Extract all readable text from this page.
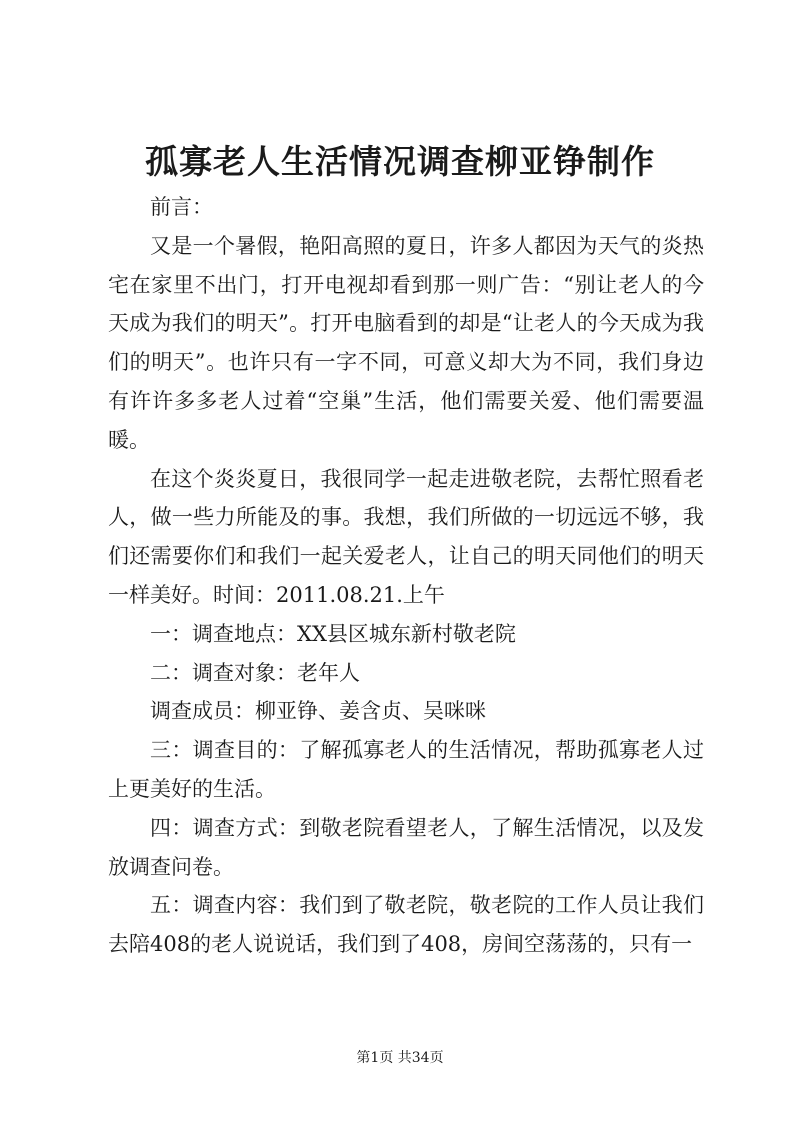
孤寡老人生活情况调查柳亚铮制作

前言：

又是一个暑假，艳阳高照的夏日，许多人都因为天气的炎热宅在家里不出门，打开电视却看到那一则广告：“别让老人的今天成为我们的明天”。打开电脑看到的却是“让老人的今天成为我们的明天”。也许只有一字不同，可意义却大为不同，我们身边有许许多多老人过着“空巢”生活，他们需要关爱、他们需要温暖。

在这个炎炎夏日，我很同学一起走进敬老院，去帮忙照看老人，做一些力所能及的事。我想，我们所做的一切远远不够，我们还需要你们和我们一起关爱老人，让自己的明天同他们的明天一样美好。时间：2011.08.21.上午

一：调查地点：XX县区城东新村敬老院

二：调查对象：老年人

调查成员：柳亚铮、姜含贞、吴咪咪

三：调查目的：了解孤寡老人的生活情况，帮助孤寡老人过上更美好的生活。

四：调查方式：到敬老院看望老人，了解生活情况，以及发放调查问卷。

五：调查内容：我们到了敬老院，敬老院的工作人员让我们去陪408的老人说说话，我们到了408，房间空荡荡的，只有一

第1页 共34页
